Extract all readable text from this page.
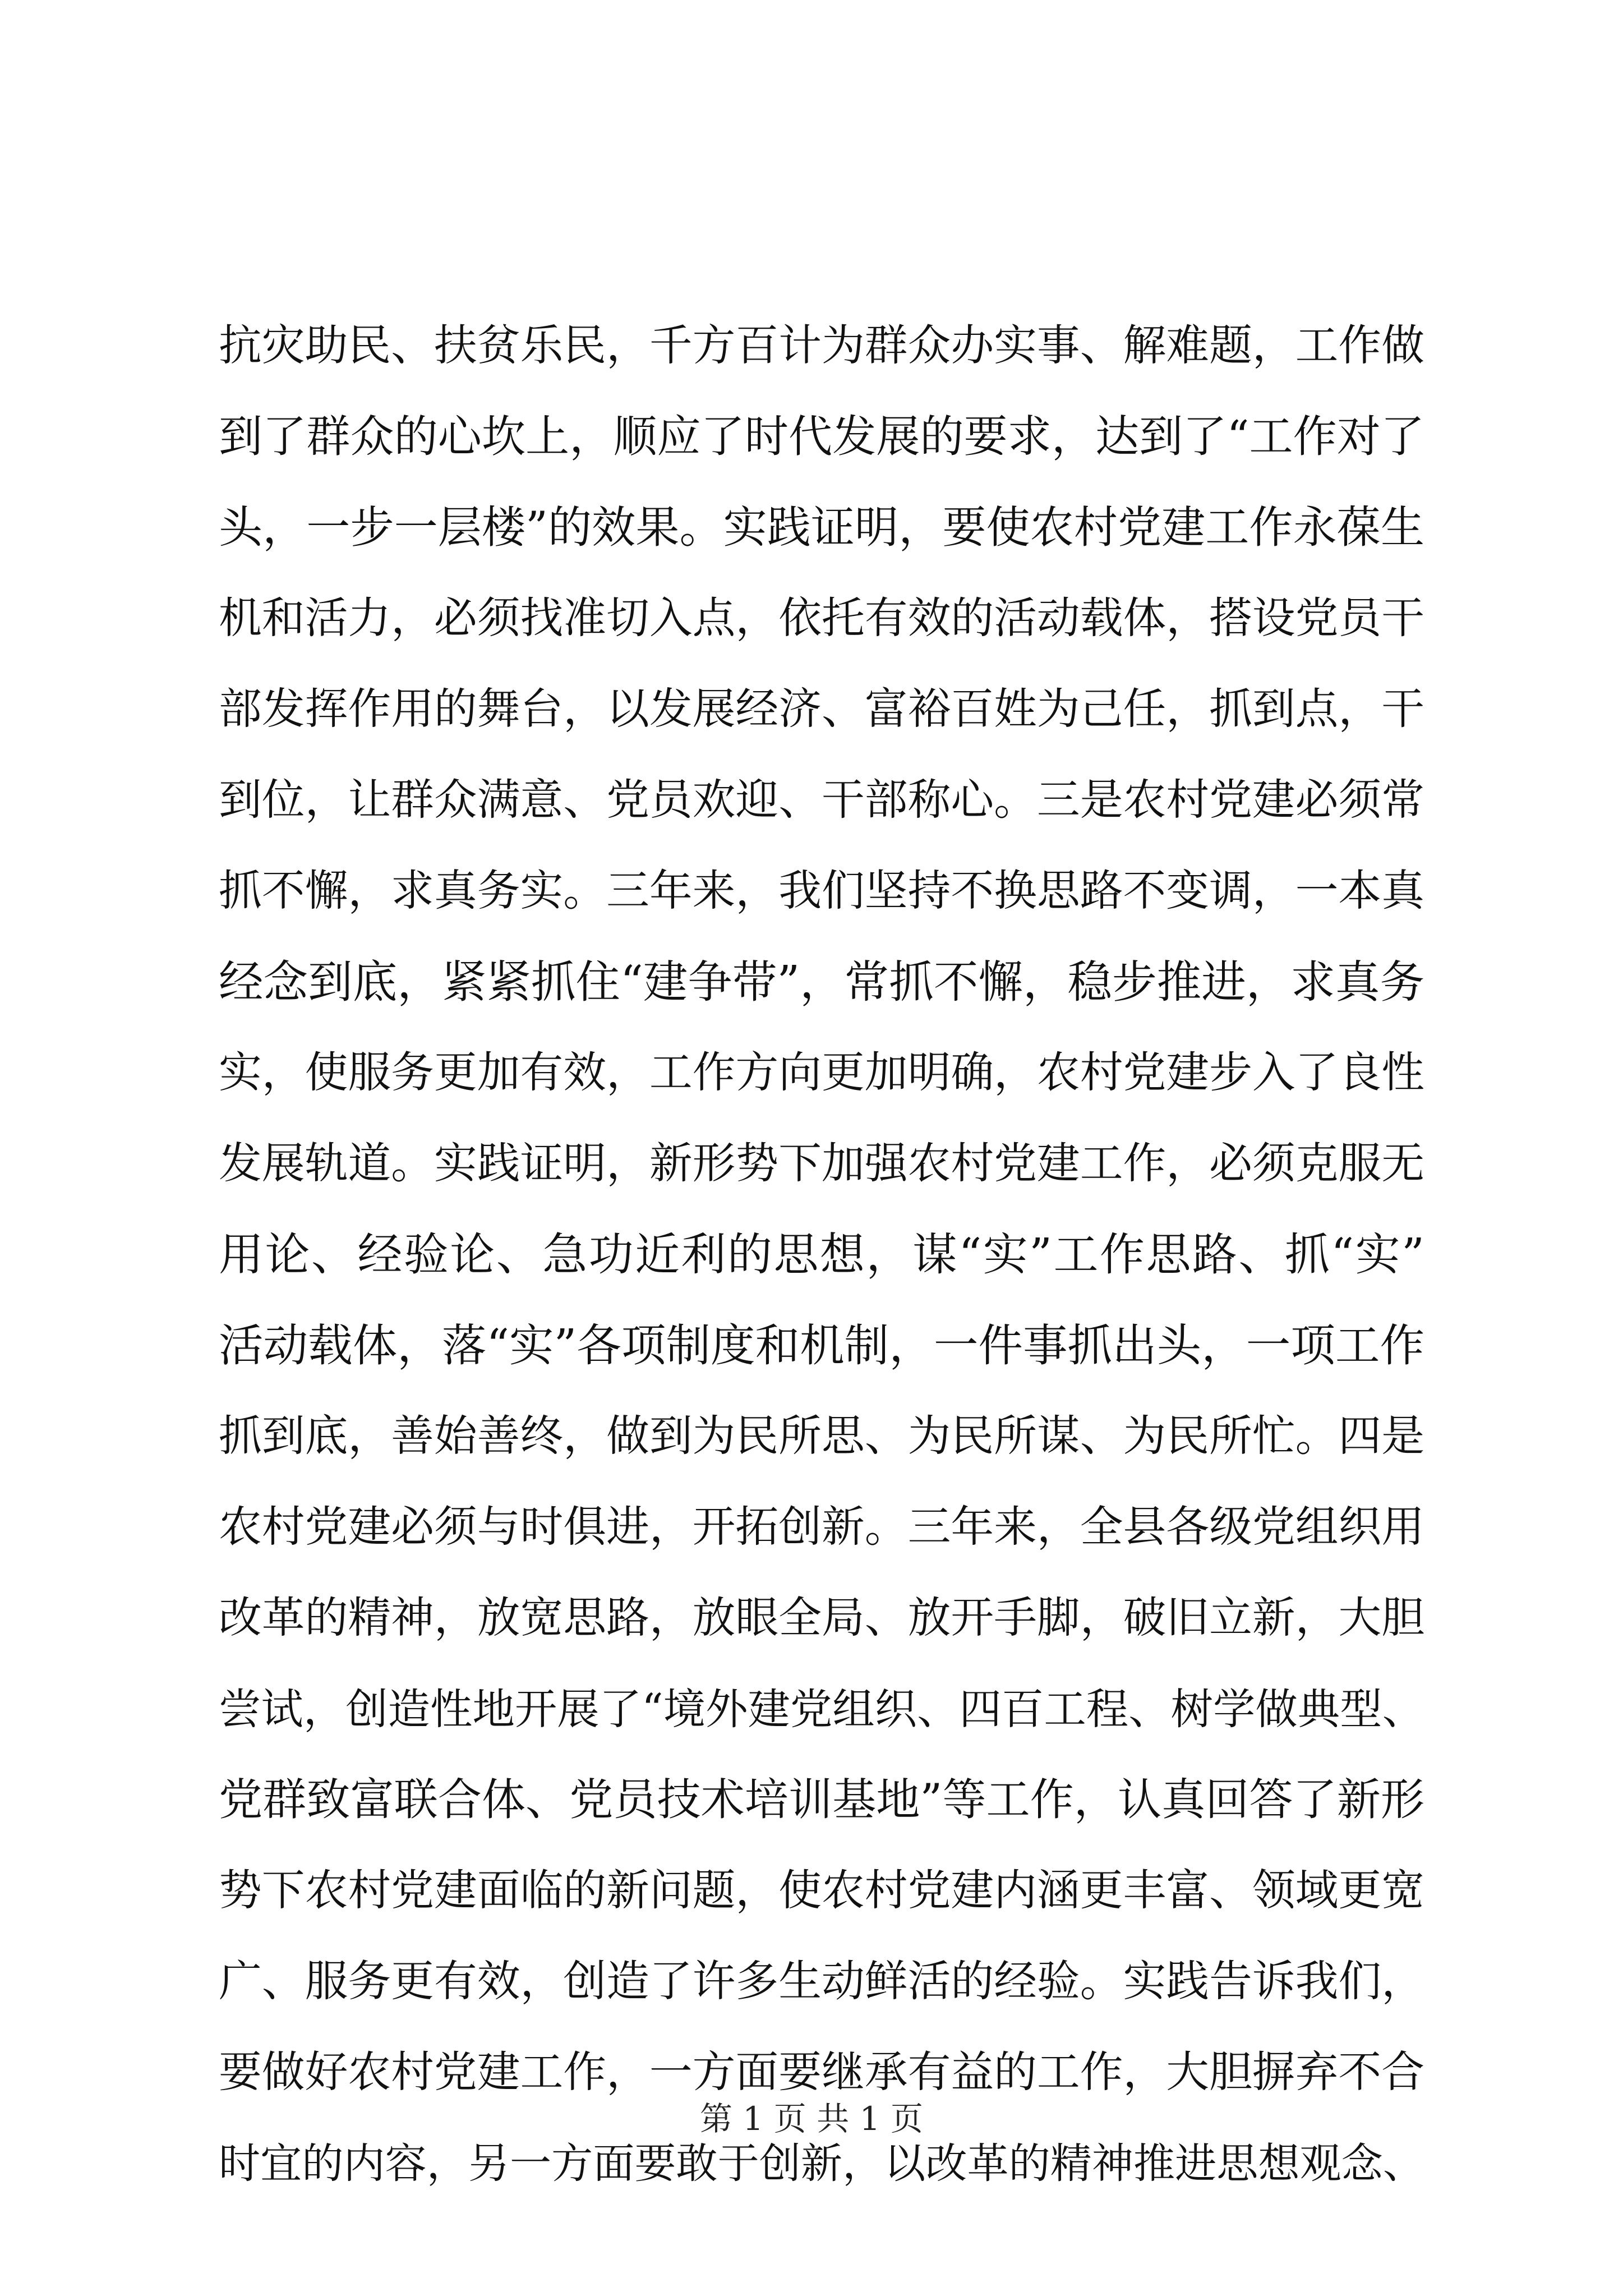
抗灾助民、扶贫乐民，千方百计为群众办实事、解难题，工作做
到了群众的心坎上，顺应了时代发展的要求，达到了“工作对了
头，一步一层楼”的效果。实践证明，要使农村党建工作永葆生
机和活力，必须找准切入点，依托有效的活动载体，搭设党员干
部发挥作用的舞台，以发展经济、富裕百姓为己任，抓到点，干
到位，让群众满意、党员欢迎、干部称心。三是农村党建必须常
抓不懈，求真务实。三年来，我们坚持不换思路不变调，一本真
经念到底，紧紧抓住“建争带”，常抓不懈，稳步推进，求真务
实，使服务更加有效，工作方向更加明确，农村党建步入了良性
发展轨道。实践证明，新形势下加强农村党建工作，必须克服无
用论、经验论、急功近利的思想，谋“实”工作思路、抓“实”
活动载体，落“实”各项制度和机制，一件事抓出头，一项工作
抓到底，善始善终，做到为民所思、为民所谋、为民所忙。四是
农村党建必须与时俱进，开拓创新。三年来，全县各级党组织用
改革的精神，放宽思路，放眼全局、放开手脚，破旧立新，大胆
尝试，创造性地开展了“境外建党组织、四百工程、树学做典型、
党群致富联合体、党员技术培训基地”等工作，认真回答了新形
势下农村党建面临的新问题，使农村党建内涵更丰富、领域更宽
广、服务更有效，创造了许多生动鲜活的经验。实践告诉我们，
要做好农村党建工作，一方面要继承有益的工作，大胆摒弃不合
时宜的内容，另一方面要敢于创新，以改革的精神推进思想观念、
第 1 页 共 1 页
